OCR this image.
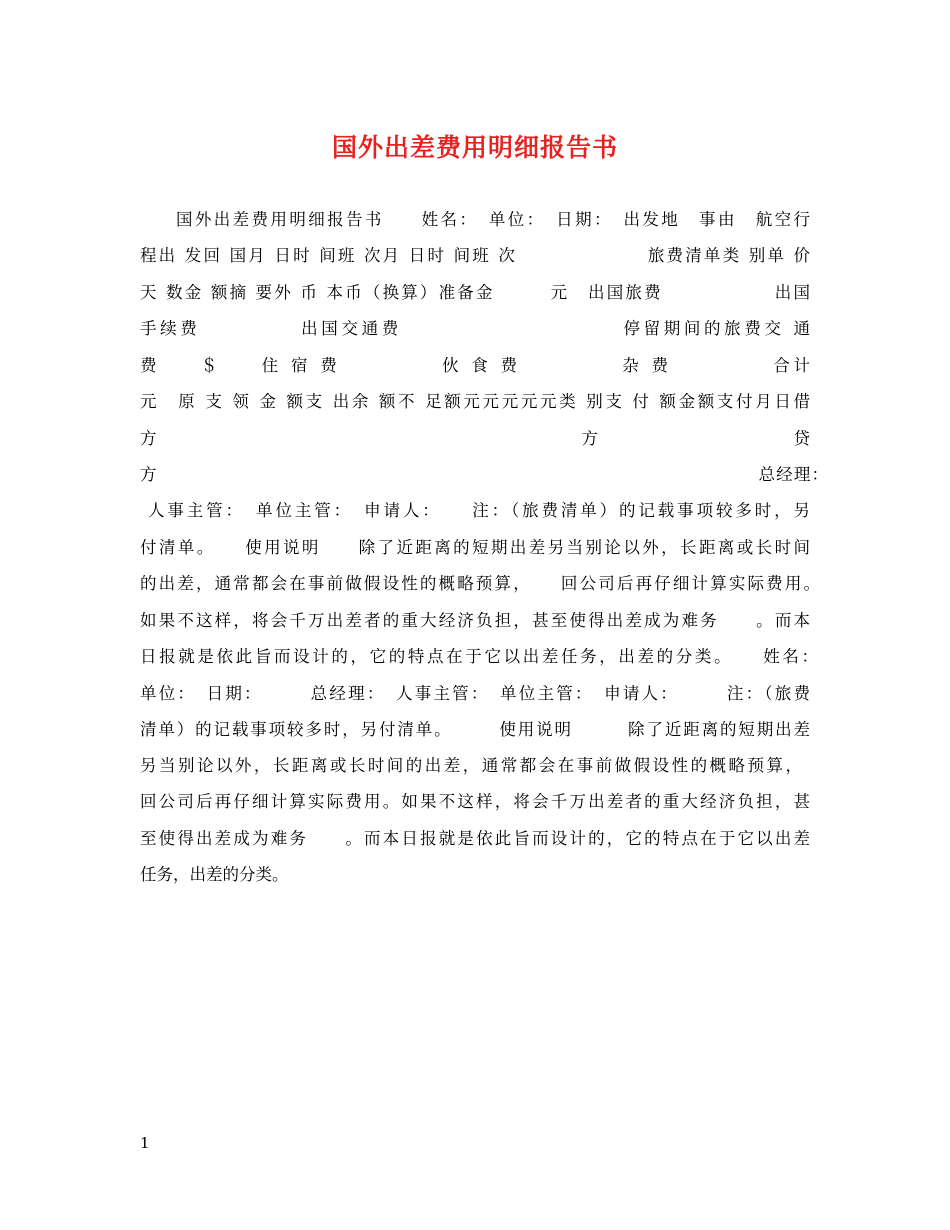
国外出差费用明细报告书
国外出差费用明细报告书　　姓名：　单位：　日期：　出发地　事由　航空行
程出 发回 国月 日时 间班 次月 日时 间班 次　　　　　　　旅费清单类 别单 价
天 数金 额摘 要外 币 本币（换算）准备金　　　元　出国旅费　　　　　　出国
手续费　　　　　出国交通费　　　　　　　　　　　停留期间的旅费交 通
费　　＄　　住 宿 费　　　　　伙 食 费　　　　　杂 费　　　　　合计
元　原 支 领 金 额支 出余 额不 足额元元元元元类 别支 付 额金额支付月日借
方　　　　　　　　　　　　　　　　　　　　　　　　方　　　　　　　　　　　贷
方　　　　　　　　　　　　　　　　　　　　　　　　　　　　　　　　　　总经理：
人事主管：　单位主管：　申请人：　　注：（旅费清单）的记载事项较多时，另
付清单。　　使用说明　　除了近距离的短期出差另当别论以外，长距离或长时间
的出差，通常都会在事前做假设性的概略预算，　　回公司后再仔细计算实际费用。
如果不这样，将会千万出差者的重大经济负担，甚至使得出差成为难务　　。而本
日报就是依此旨而设计的，它的特点在于它以出差任务，出差的分类。　　姓名：
单位：　日期：　　　总经理：　人事主管：　单位主管：　申请人：　　　注：（旅费
清单）的记载事项较多时，另付清单。　　　使用说明　　　除了近距离的短期出差
另当别论以外，长距离或长时间的出差，通常都会在事前做假设性的概略预算，
回公司后再仔细计算实际费用。如果不这样，将会千万出差者的重大经济负担，甚
至使得出差成为难务　　。而本日报就是依此旨而设计的，它的特点在于它以出差
任务，出差的分类。
1
